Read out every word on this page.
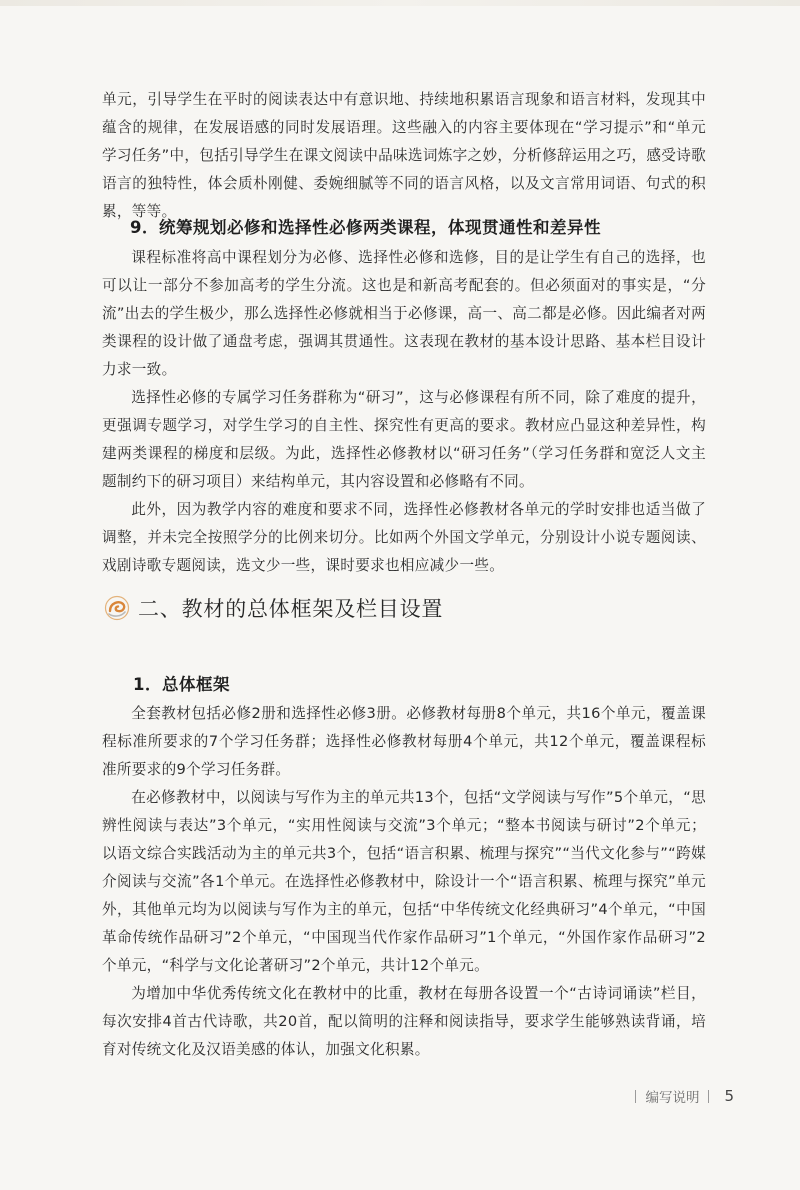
单元，引导学生在平时的阅读表达中有意识地、持续地积累语言现象和语言材料，发现其中蕴含的规律，在发展语感的同时发展语理。这些融入的内容主要体现在“学习提示”和“单元学习任务”中，包括引导学生在课文阅读中品味选词炼字之妙，分析修辞运用之巧，感受诗歌语言的独特性，体会质朴刚健、委婉细腻等不同的语言风格，以及文言常用词语、句式的积累，等等。

9．统筹规划必修和选择性必修两类课程，体现贯通性和差异性

课程标准将高中课程划分为必修、选择性必修和选修，目的是让学生有自己的选择，也可以让一部分不参加高考的学生分流。这也是和新高考配套的。但必须面对的事实是，“分流”出去的学生极少，那么选择性必修就相当于必修课，高一、高二都是必修。因此编者对两类课程的设计做了通盘考虑，强调其贯通性。这表现在教材的基本设计思路、基本栏目设计力求一致。

选择性必修的专属学习任务群称为“研习”，这与必修课程有所不同，除了难度的提升，更强调专题学习，对学生学习的自主性、探究性有更高的要求。教材应凸显这种差异性，构建两类课程的梯度和层级。为此，选择性必修教材以“研习任务”（学习任务群和宽泛人文主题制约下的研习项目）来结构单元，其内容设置和必修略有不同。

此外，因为教学内容的难度和要求不同，选择性必修教材各单元的学时安排也适当做了调整，并未完全按照学分的比例来切分。比如两个外国文学单元，分别设计小说专题阅读、戏剧诗歌专题阅读，选文少一些，课时要求也相应减少一些。

二、教材的总体框架及栏目设置
1．总体框架

全套教材包括必修2册和选择性必修3册。必修教材每册8个单元，共16个单元，覆盖课程标准所要求的7个学习任务群；选择性必修教材每册4个单元，共12个单元，覆盖课程标准所要求的9个学习任务群。

在必修教材中，以阅读与写作为主的单元共13个，包括“文学阅读与写作”5个单元，“思辨性阅读与表达”3个单元，“实用性阅读与交流”3个单元；“整本书阅读与研讨”2个单元；以语文综合实践活动为主的单元共3个，包括“语言积累、梳理与探究”“当代文化参与”“跨媒介阅读与交流”各1个单元。在选择性必修教材中，除设计一个“语言积累、梳理与探究”单元外，其他单元均为以阅读与写作为主的单元，包括“中华传统文化经典研习”4个单元，“中国革命传统作品研习”2个单元，“中国现当代作家作品研习”1个单元，“外国作家作品研习”2个单元，“科学与文化论著研习”2个单元，共计12个单元。

为增加中华优秀传统文化在教材中的比重，教材在每册各设置一个“古诗词诵读”栏目，每次安排4首古代诗歌，共20首，配以简明的注释和阅读指导，要求学生能够熟读背诵，培育对传统文化及汉语美感的体认，加强文化积累。

编写说明 5
